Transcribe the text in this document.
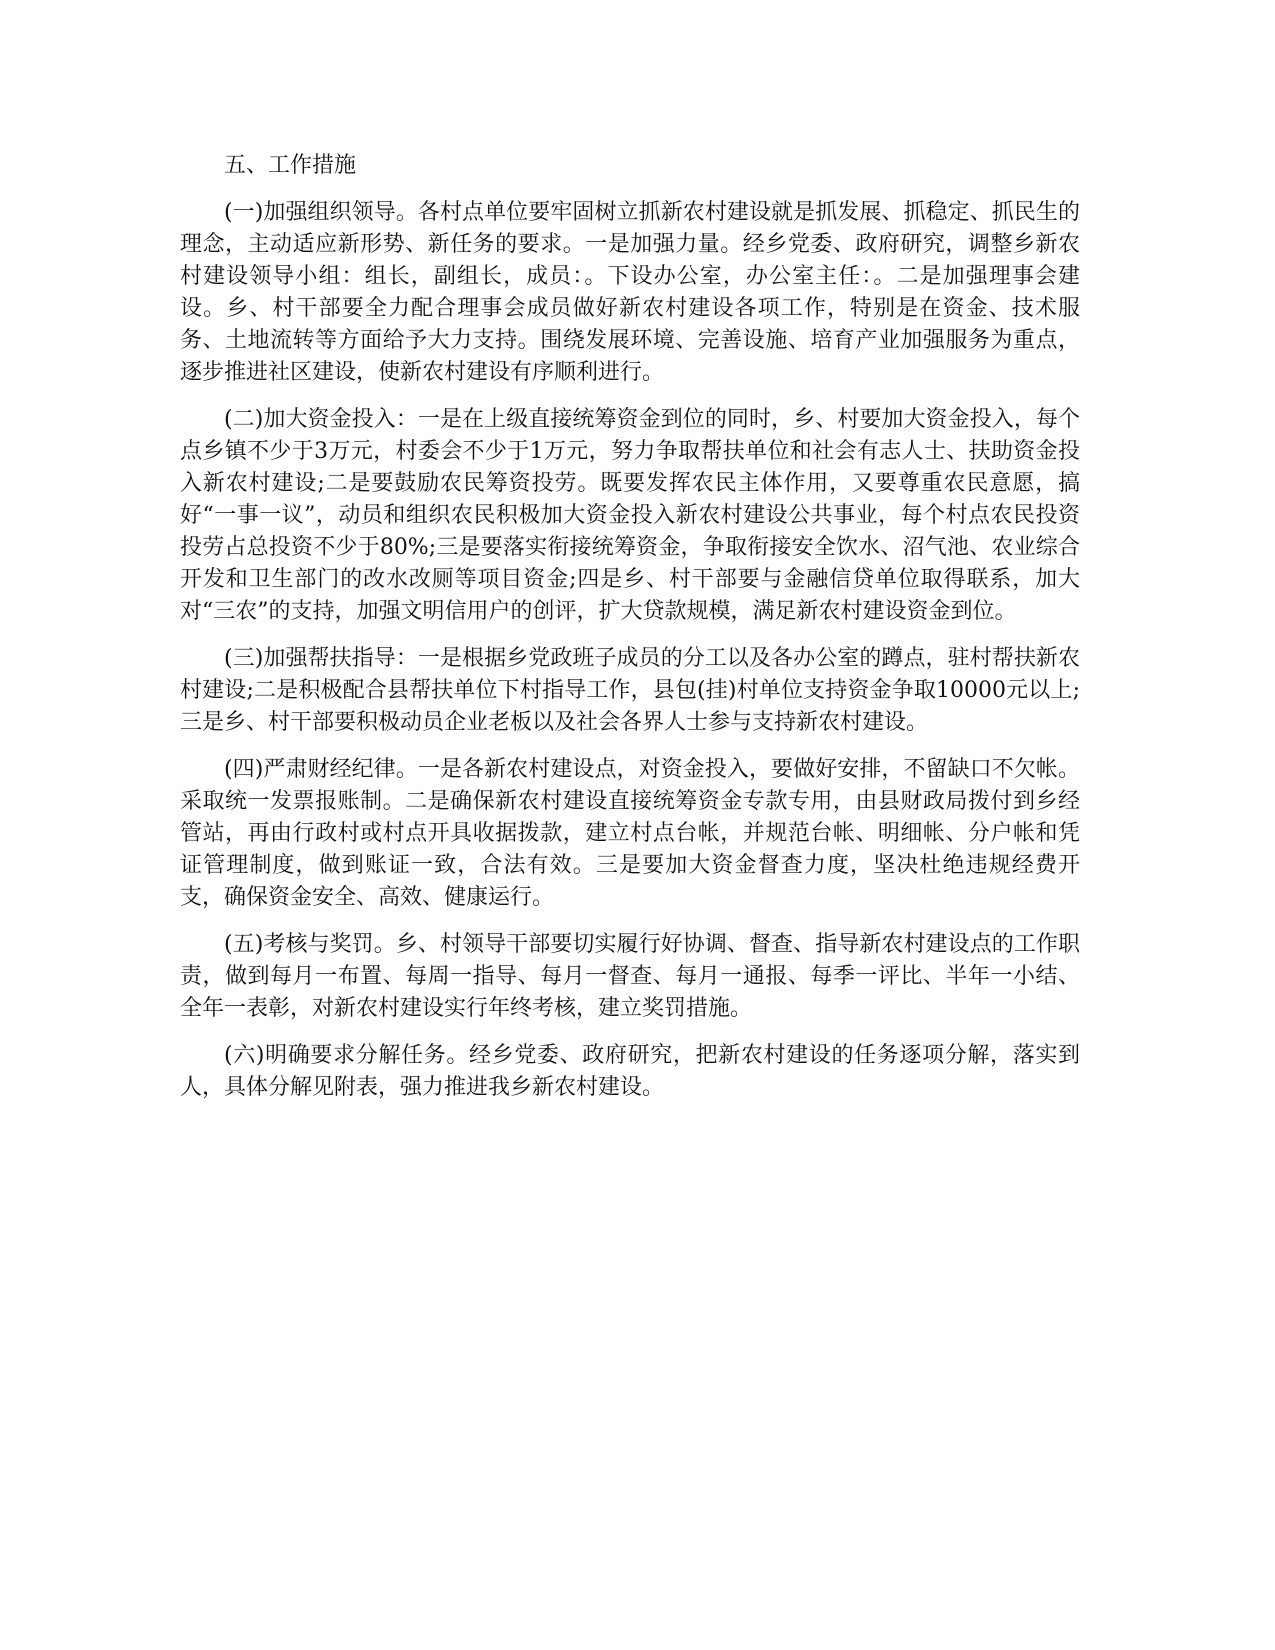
五、工作措施

(一)加强组织领导。各村点单位要牢固树立抓新农村建设就是抓发展、抓稳定、抓民生的理念，主动适应新形势、新任务的要求。一是加强力量。经乡党委、政府研究，调整乡新农村建设领导小组：组长，副组长，成员：。下设办公室，办公室主任：。二是加强理事会建设。乡、村干部要全力配合理事会成员做好新农村建设各项工作，特别是在资金、技术服务、土地流转等方面给予大力支持。围绕发展环境、完善设施、培育产业加强服务为重点，逐步推进社区建设，使新农村建设有序顺利进行。

(二)加大资金投入：一是在上级直接统筹资金到位的同时，乡、村要加大资金投入，每个点乡镇不少于3万元，村委会不少于1万元，努力争取帮扶单位和社会有志人士、扶助资金投入新农村建设;二是要鼓励农民筹资投劳。既要发挥农民主体作用，又要尊重农民意愿，搞好“一事一议”，动员和组织农民积极加大资金投入新农村建设公共事业，每个村点农民投资投劳占总投资不少于80%;三是要落实衔接统筹资金，争取衔接安全饮水、沼气池、农业综合开发和卫生部门的改水改厕等项目资金;四是乡、村干部要与金融信贷单位取得联系，加大对“三农”的支持，加强文明信用户的创评，扩大贷款规模，满足新农村建设资金到位。

(三)加强帮扶指导：一是根据乡党政班子成员的分工以及各办公室的蹲点，驻村帮扶新农村建设;二是积极配合县帮扶单位下村指导工作，县包(挂)村单位支持资金争取10000元以上;三是乡、村干部要积极动员企业老板以及社会各界人士参与支持新农村建设。

(四)严肃财经纪律。一是各新农村建设点，对资金投入，要做好安排，不留缺口不欠帐。采取统一发票报账制。二是确保新农村建设直接统筹资金专款专用，由县财政局拨付到乡经管站，再由行政村或村点开具收据拨款，建立村点台帐，并规范台帐、明细帐、分户帐和凭证管理制度，做到账证一致，合法有效。三是要加大资金督查力度，坚决杜绝违规经费开支，确保资金安全、高效、健康运行。

(五)考核与奖罚。乡、村领导干部要切实履行好协调、督查、指导新农村建设点的工作职责，做到每月一布置、每周一指导、每月一督查、每月一通报、每季一评比、半年一小结、全年一表彰，对新农村建设实行年终考核，建立奖罚措施。

(六)明确要求分解任务。经乡党委、政府研究，把新农村建设的任务逐项分解，落实到人，具体分解见附表，强力推进我乡新农村建设。
